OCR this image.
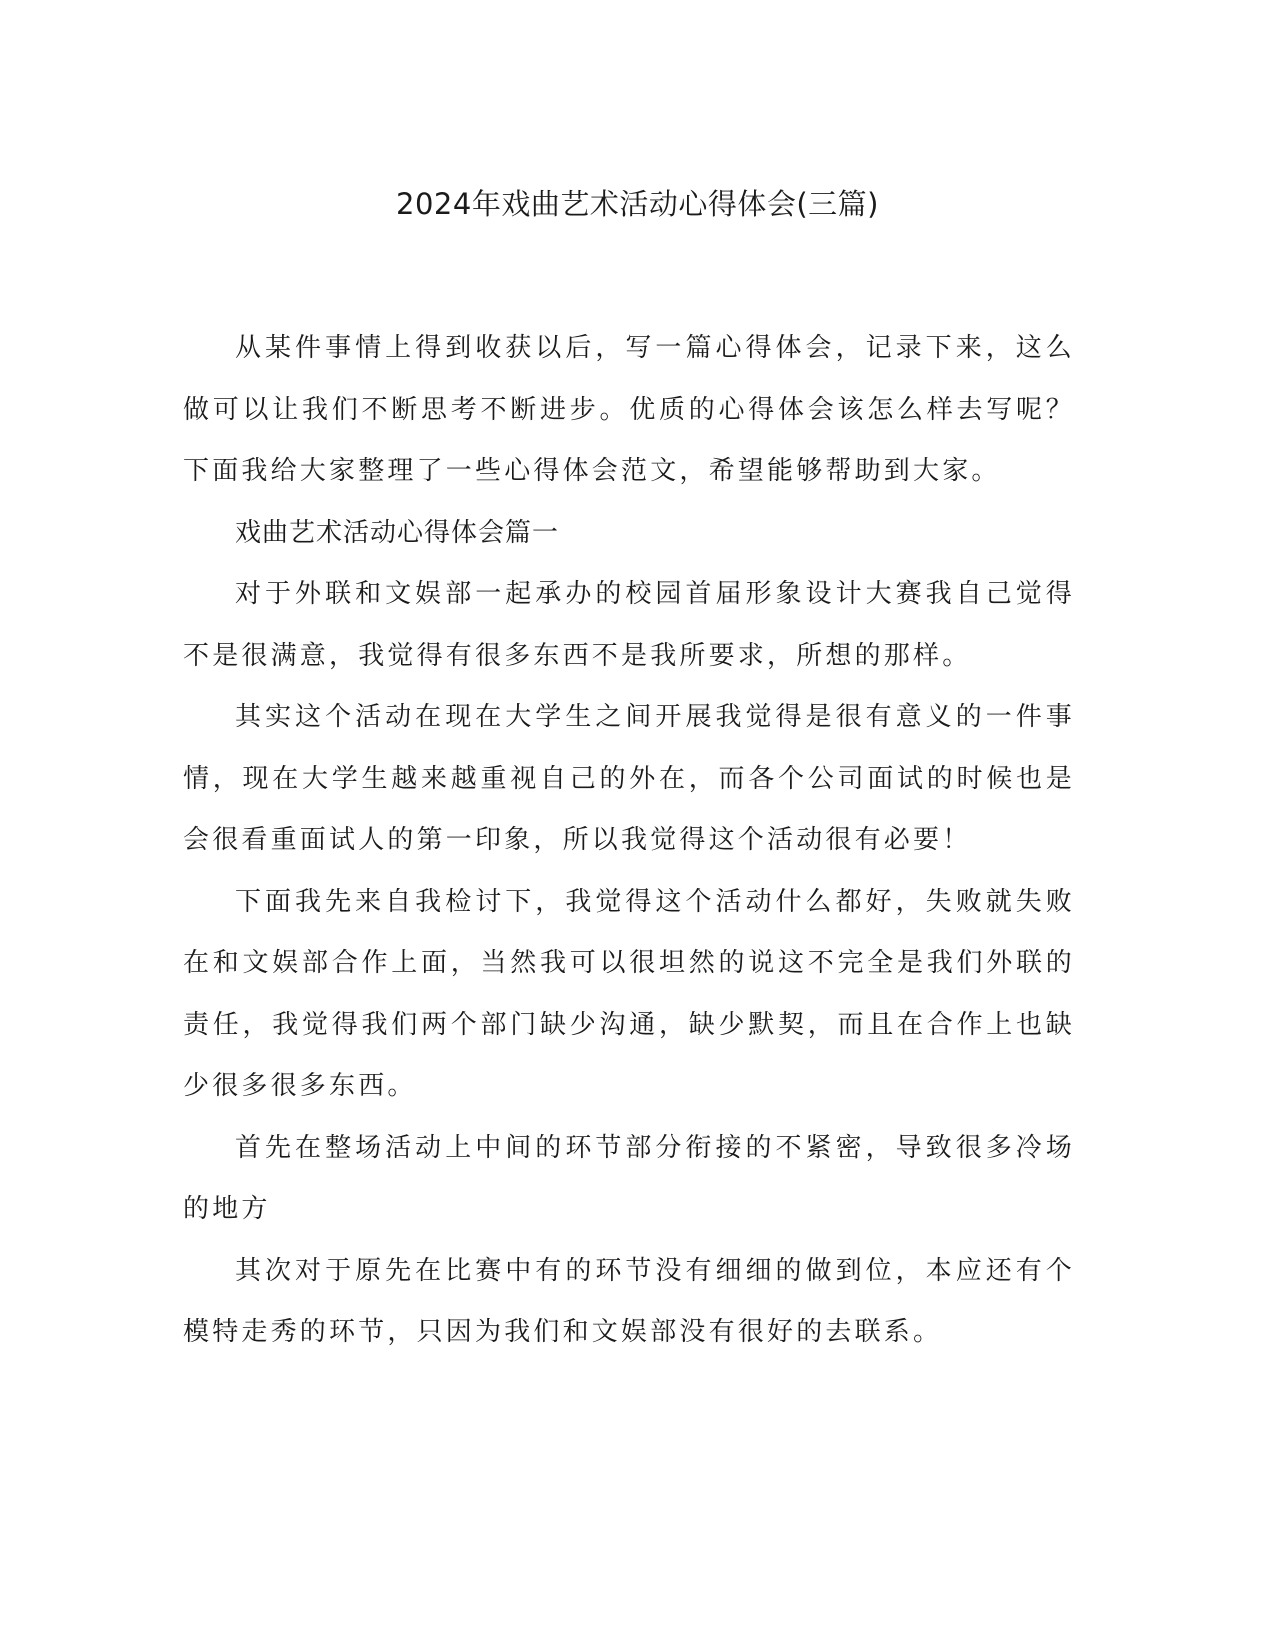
2024年戏曲艺术活动心得体会(三篇)

从某件事情上得到收获以后，写一篇心得体会，记录下来，这么做可以让我们不断思考不断进步。优质的心得体会该怎么样去写呢？下面我给大家整理了一些心得体会范文，希望能够帮助到大家。

戏曲艺术活动心得体会篇一

对于外联和文娱部一起承办的校园首届形象设计大赛我自己觉得不是很满意，我觉得有很多东西不是我所要求，所想的那样。

其实这个活动在现在大学生之间开展我觉得是很有意义的一件事情，现在大学生越来越重视自己的外在，而各个公司面试的时候也是会很看重面试人的第一印象，所以我觉得这个活动很有必要！

下面我先来自我检讨下，我觉得这个活动什么都好，失败就失败在和文娱部合作上面，当然我可以很坦然的说这不完全是我们外联的责任，我觉得我们两个部门缺少沟通，缺少默契，而且在合作上也缺少很多很多东西。

首先在整场活动上中间的环节部分衔接的不紧密，导致很多冷场的地方

其次对于原先在比赛中有的环节没有细细的做到位，本应还有个模特走秀的环节，只因为我们和文娱部没有很好的去联系。
